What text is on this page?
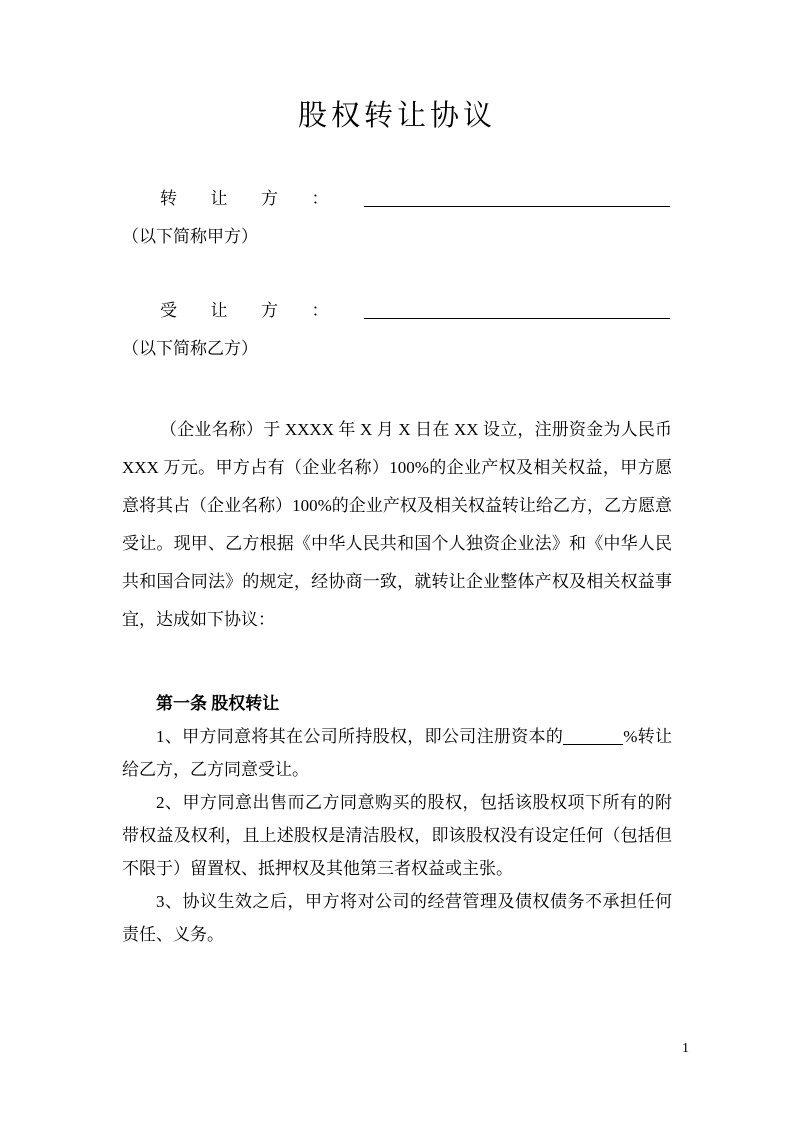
股权转让协议

转让方：（以下简称甲方）

受让方：（以下简称乙方）

（企业名称）于 XXXX 年 X 月 X 日在 XX 设立，注册资金为人民币 XXX 万元。甲方占有（企业名称）100%的企业产权及相关权益，甲方愿意将其占（企业名称）100%的企业产权及相关权益转让给乙方，乙方愿意受让。现甲、乙方根据《中华人民共和国个人独资企业法》和《中华人民共和国合同法》的规定，经协商一致，就转让企业整体产权及相关权益事宜，达成如下协议：

第一条 股权转让

1、甲方同意将其在公司所持股权，即公司注册资本的	%转让给乙方，乙方同意受让。

2、甲方同意出售而乙方同意购买的股权，包括该股权项下所有的附带权益及权利，且上述股权是清洁股权，即该股权没有设定任何（包括但不限于）留置权、抵押权及其他第三者权益或主张。

3、协议生效之后，甲方将对公司的经营管理及债权债务不承担任何责任、义务。

1
